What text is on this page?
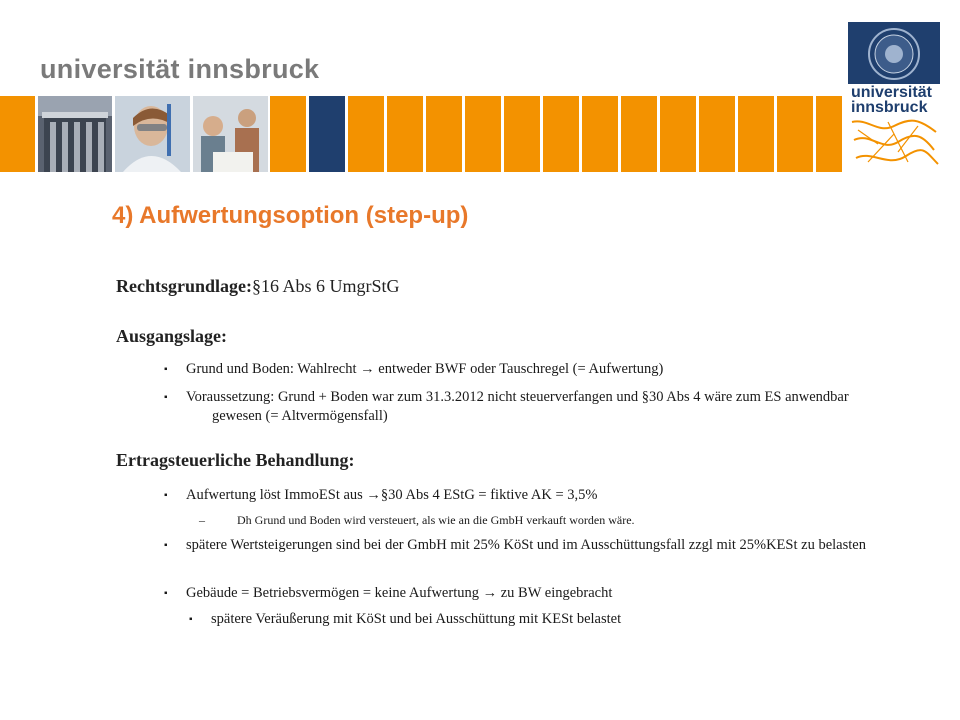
universität innsbruck
universität
innsbruck
4) Aufwertungsoption (step-up)
Rechtsgrundlage:§16 Abs 6 UmgrStG
Ausgangslage:
▪ Grund und Boden: Wahlrecht → entweder BWF oder Tauschregel (= Aufwertung)
▪ Voraussetzung: Grund + Boden war zum 31.3.2012 nicht steuerverfangen und §30 Abs 4 wäre zum ES anwendbar gewesen (= Altvermögensfall)
Ertragsteuerliche Behandlung:
▪ Aufwertung löst ImmoESt aus →§30 Abs 4 EStG = fiktive AK = 3,5%
–	Dh Grund und Boden wird versteuert, als wie an die GmbH verkauft worden wäre.
▪ spätere Wertsteigerungen sind bei der GmbH mit 25% KöSt und im Ausschüttungsfall zzgl mit 25%KESt zu belasten
▪ Gebäude = Betriebsvermögen = keine Aufwertung → zu BW eingebracht
▪ spätere Veräußerung mit KöSt und bei Ausschüttung mit KESt belastet
